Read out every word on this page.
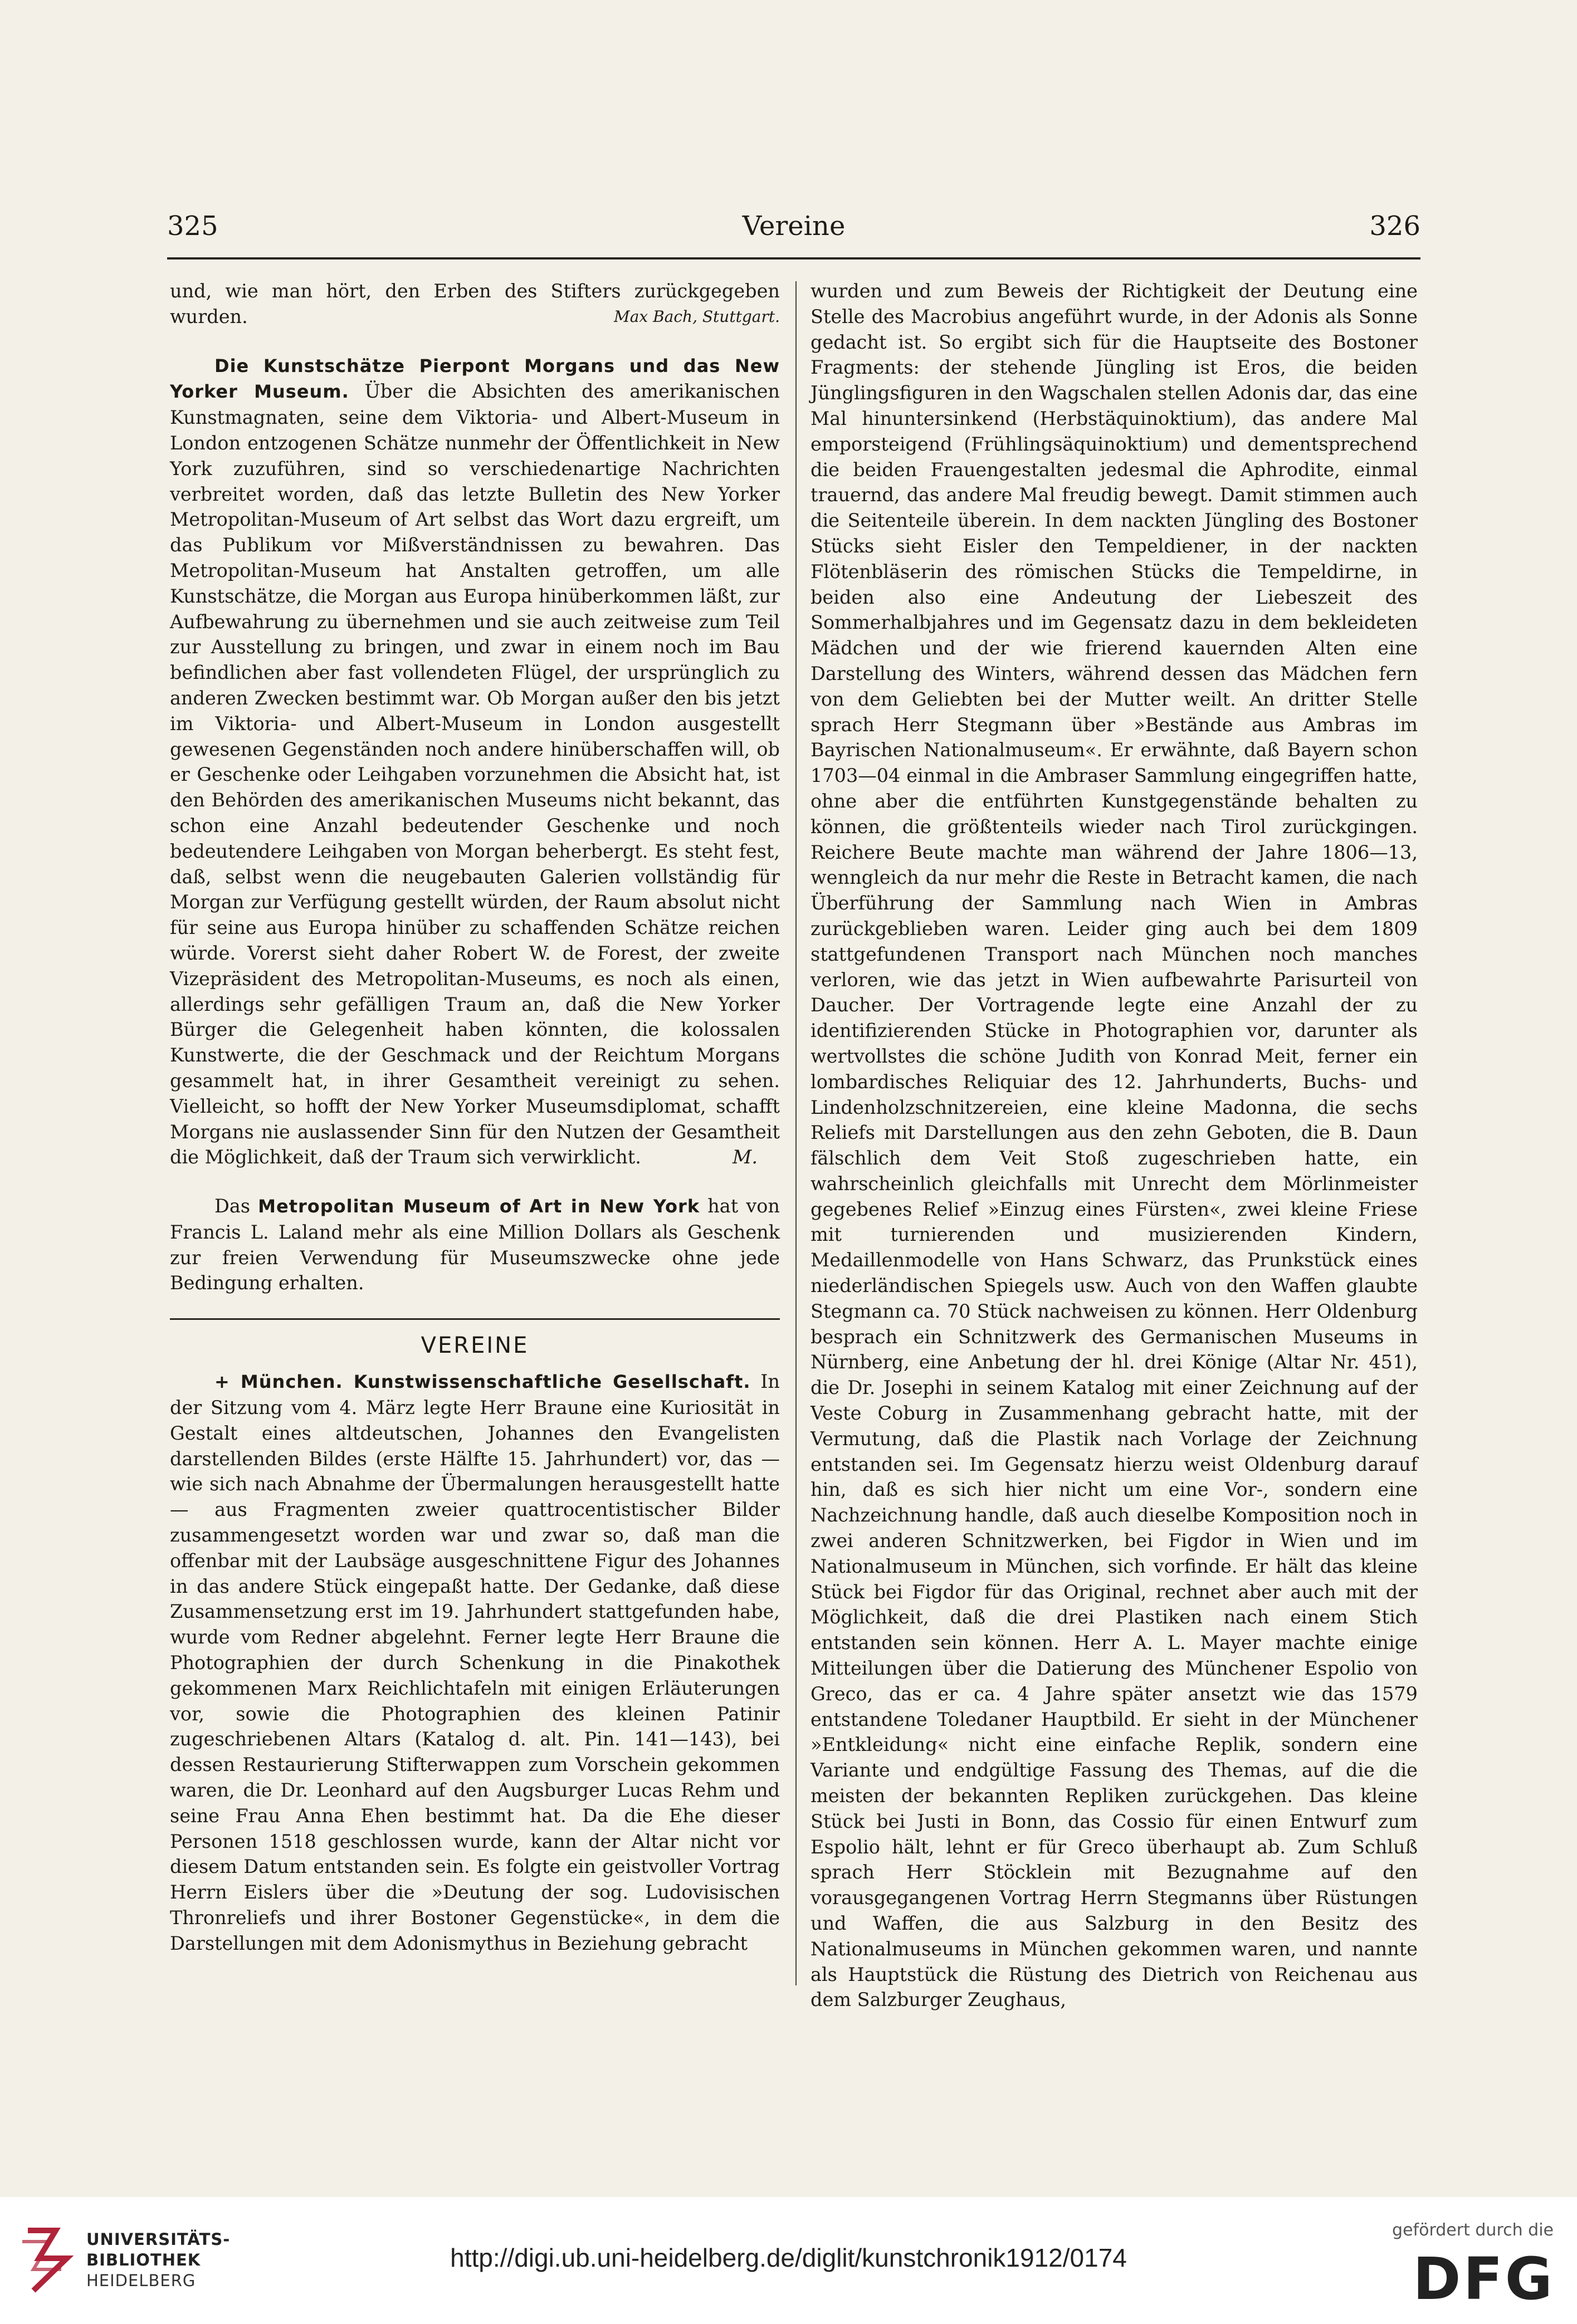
325	Vereine	326

und, wie man hört, den Erben des Stifters zurückgegeben wurden.	Max Bach, Stuttgart.

Die Kunstschätze Pierpont Morgans und das New Yorker Museum. Über die Absichten des amerikanischen Kunstmagnaten, seine dem Viktoria- und Albert-Museum in London entzogenen Schätze nunmehr der Öffentlichkeit in New York zuzuführen, sind so verschiedenartige Nachrichten verbreitet worden, daß das letzte Bulletin des New Yorker Metropolitan-Museum of Art selbst das Wort dazu ergreift, um das Publikum vor Mißverständnissen zu bewahren. Das Metropolitan-Museum hat Anstalten getroffen, um alle Kunstschätze, die Morgan aus Europa hinüberkommen läßt, zur Aufbewahrung zu übernehmen und sie auch zeitweise zum Teil zur Ausstellung zu bringen, und zwar in einem noch im Bau befindlichen aber fast vollendeten Flügel, der ursprünglich zu anderen Zwecken bestimmt war. Ob Morgan außer den bis jetzt im Viktoria- und Albert-Museum in London ausgestellt gewesenen Gegenständen noch andere hinüberschaffen will, ob er Geschenke oder Leihgaben vorzunehmen die Absicht hat, ist den Behörden des amerikanischen Museums nicht bekannt, das schon eine Anzahl bedeutender Geschenke und noch bedeutendere Leihgaben von Morgan beherbergt. Es steht fest, daß, selbst wenn die neugebauten Galerien vollständig für Morgan zur Verfügung gestellt würden, der Raum absolut nicht für seine aus Europa hinüber zu schaffenden Schätze reichen würde. Vorerst sieht daher Robert W. de Forest, der zweite Vizepräsident des Metropolitan-Museums, es noch als einen, allerdings sehr gefälligen Traum an, daß die New Yorker Bürger die Gelegenheit haben könnten, die kolossalen Kunstwerte, die der Geschmack und der Reichtum Morgans gesammelt hat, in ihrer Gesamtheit vereinigt zu sehen. Vielleicht, so hofft der New Yorker Museumsdiplomat, schafft Morgans nie auslassender Sinn für den Nutzen der Gesamtheit die Möglichkeit, daß der Traum sich verwirklicht.	M.

Das Metropolitan Museum of Art in New York hat von Francis L. Laland mehr als eine Million Dollars als Geschenk zur freien Verwendung für Museumszwecke ohne jede Bedingung erhalten.

VEREINE

+ München. Kunstwissenschaftliche Gesellschaft. In der Sitzung vom 4. März legte Herr Braune eine Kuriosität in Gestalt eines altdeutschen, Johannes den Evangelisten darstellenden Bildes (erste Hälfte 15. Jahrhundert) vor, das — wie sich nach Abnahme der Übermalungen herausgestellt hatte — aus Fragmenten zweier quattrocentistischer Bilder zusammengesetzt worden war und zwar so, daß man die offenbar mit der Laubsäge ausgeschnittene Figur des Johannes in das andere Stück eingepaßt hatte. Der Gedanke, daß diese Zusammensetzung erst im 19. Jahrhundert stattgefunden habe, wurde vom Redner abgelehnt. Ferner legte Herr Braune die Photographien der durch Schenkung in die Pinakothek gekommenen Marx Reichlichtafeln mit einigen Erläuterungen vor, sowie die Photographien des kleinen Patinir zugeschriebenen Altars (Katalog d. alt. Pin. 141—143), bei dessen Restaurierung Stifterwappen zum Vorschein gekommen waren, die Dr. Leonhard auf den Augsburger Lucas Rehm und seine Frau Anna Ehen bestimmt hat. Da die Ehe dieser Personen 1518 geschlossen wurde, kann der Altar nicht vor diesem Datum entstanden sein. Es folgte ein geistvoller Vortrag Herrn Eislers über die »Deutung der sog. Ludovisischen Thronreliefs und ihrer Bostoner Gegenstücke«, in dem die Darstellungen mit dem Adonismythus in Beziehung gebracht

wurden und zum Beweis der Richtigkeit der Deutung eine Stelle des Macrobius angeführt wurde, in der Adonis als Sonne gedacht ist. So ergibt sich für die Hauptseite des Bostoner Fragments: der stehende Jüngling ist Eros, die beiden Jünglingsfiguren in den Wagschalen stellen Adonis dar, das eine Mal hinuntersinkend (Herbstäquinoktium), das andere Mal emporsteigend (Frühlingsäquinoktium) und dementsprechend die beiden Frauengestalten jedesmal die Aphrodite, einmal trauernd, das andere Mal freudig bewegt. Damit stimmen auch die Seitenteile überein. In dem nackten Jüngling des Bostoner Stücks sieht Eisler den Tempeldiener, in der nackten Flötenbläserin des römischen Stücks die Tempeldirne, in beiden also eine Andeutung der Liebeszeit des Sommerhalbjahres und im Gegensatz dazu in dem bekleideten Mädchen und der wie frierend kauernden Alten eine Darstellung des Winters, während dessen das Mädchen fern von dem Geliebten bei der Mutter weilt. An dritter Stelle sprach Herr Stegmann über »Bestände aus Ambras im Bayrischen Nationalmuseum«. Er erwähnte, daß Bayern schon 1703—04 einmal in die Ambraser Sammlung eingegriffen hatte, ohne aber die entführten Kunstgegenstände behalten zu können, die größtenteils wieder nach Tirol zurückgingen. Reichere Beute machte man während der Jahre 1806—13, wenngleich da nur mehr die Reste in Betracht kamen, die nach Überführung der Sammlung nach Wien in Ambras zurückgeblieben waren. Leider ging auch bei dem 1809 stattgefundenen Transport nach München noch manches verloren, wie das jetzt in Wien aufbewahrte Parisurteil von Daucher. Der Vortragende legte eine Anzahl der zu identifizierenden Stücke in Photographien vor, darunter als wertvollstes die schöne Judith von Konrad Meit, ferner ein lombardisches Reliquiar des 12. Jahrhunderts, Buchs- und Lindenholzschnitzereien, eine kleine Madonna, die sechs Reliefs mit Darstellungen aus den zehn Geboten, die B. Daun fälschlich dem Veit Stoß zugeschrieben hatte, ein wahrscheinlich gleichfalls mit Unrecht dem Mörlinmeister gegebenes Relief »Einzug eines Fürsten«, zwei kleine Friese mit turnierenden und musizierenden Kindern, Medaillenmodelle von Hans Schwarz, das Prunkstück eines niederländischen Spiegels usw. Auch von den Waffen glaubte Stegmann ca. 70 Stück nachweisen zu können. Herr Oldenburg besprach ein Schnitzwerk des Germanischen Museums in Nürnberg, eine Anbetung der hl. drei Könige (Altar Nr. 451), die Dr. Josephi in seinem Katalog mit einer Zeichnung auf der Veste Coburg in Zusammenhang gebracht hatte, mit der Vermutung, daß die Plastik nach Vorlage der Zeichnung entstanden sei. Im Gegensatz hierzu weist Oldenburg darauf hin, daß es sich hier nicht um eine Vor-, sondern eine Nachzeichnung handle, daß auch dieselbe Komposition noch in zwei anderen Schnitzwerken, bei Figdor in Wien und im Nationalmuseum in München, sich vorfinde. Er hält das kleine Stück bei Figdor für das Original, rechnet aber auch mit der Möglichkeit, daß die drei Plastiken nach einem Stich entstanden sein können. Herr A. L. Mayer machte einige Mitteilungen über die Datierung des Münchener Espolio von Greco, das er ca. 4 Jahre später ansetzt wie das 1579 entstandene Toledaner Hauptbild. Er sieht in der Münchener »Entkleidung« nicht eine einfache Replik, sondern eine Variante und endgültige Fassung des Themas, auf die die meisten der bekannten Repliken zurückgehen. Das kleine Stück bei Justi in Bonn, das Cossio für einen Entwurf zum Espolio hält, lehnt er für Greco überhaupt ab. Zum Schluß sprach Herr Stöcklein mit Bezugnahme auf den vorausgegangenen Vortrag Herrn Stegmanns über Rüstungen und Waffen, die aus Salzburg in den Besitz des Nationalmuseums in München gekommen waren, und nannte als Hauptstück die Rüstung des Dietrich von Reichenau aus dem Salzburger Zeughaus,

UNIVERSITÄTS-
BIBLIOTHEK
HEIDELBERG
http://digi.ub.uni-heidelberg.de/diglit/kunstchronik1912/0174
gefördert durch die
DFG
